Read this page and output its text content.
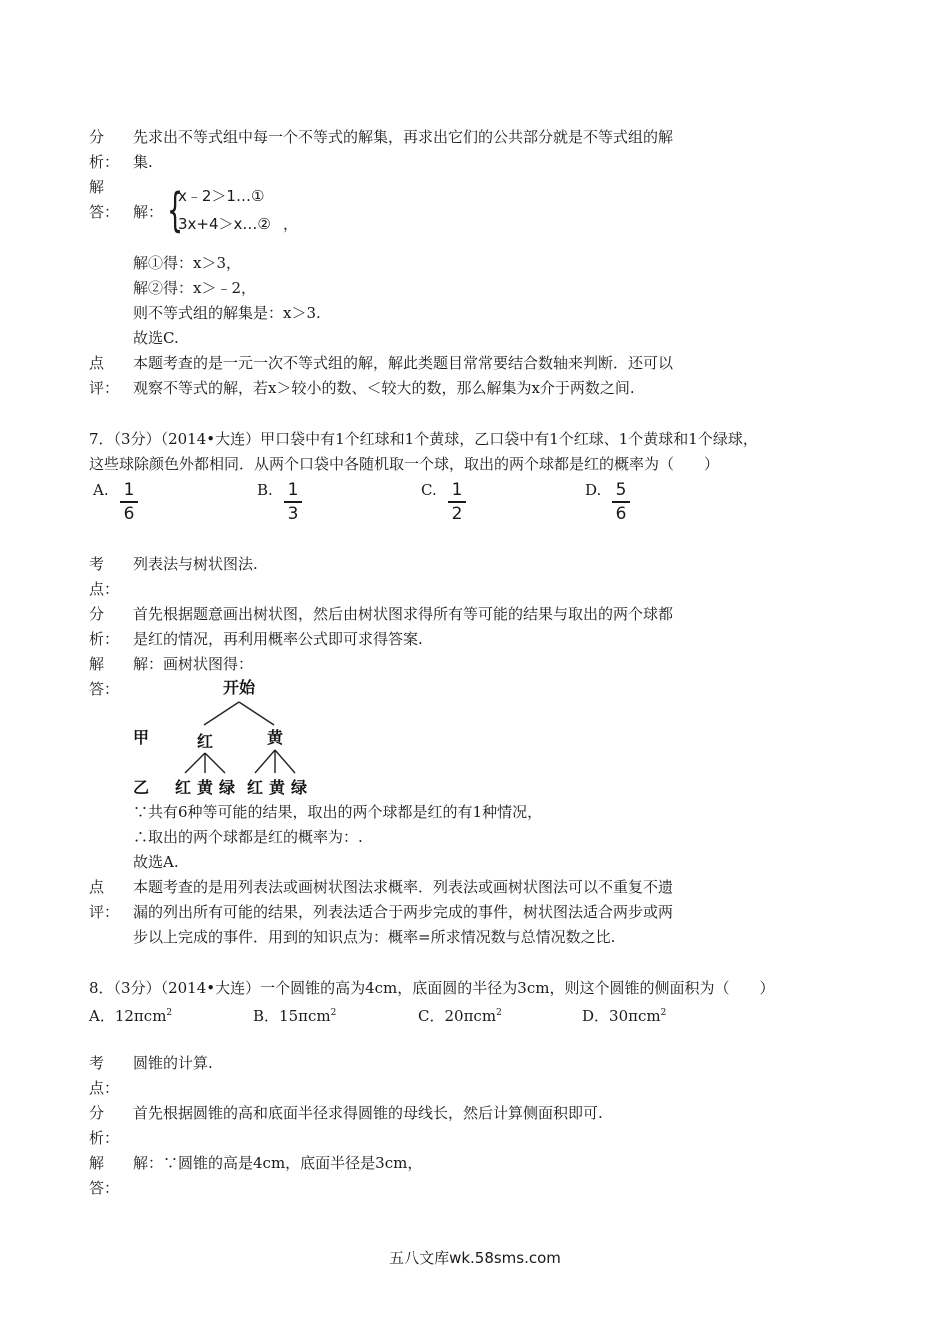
分
析：
先求出不等式组中每一个不等式的解集，再求出它们的公共部分就是不等式组的解
集.
解
答： 解： {
x﹣2＞1…①
3x+4＞x…② ，
解①得：x＞3，
解②得：x＞﹣2，
则不等式组的解集是：x＞3.
故选C.
点
评：
本题考查的是一元一次不等式组的解，解此类题目常常要结合数轴来判断．还可以
观察不等式的解，若x＞较小的数、＜较大的数，那么解集为x介于两数之间.
7．（3分）（2014•大连）甲口袋中有1个红球和1个黄球，乙口袋中有1个红球、1个黄球和1个绿球，
这些球除颜色外都相同．从两个口袋中各随机取一个球，取出的两个球都是红的概率为（　　）
A. 1
6
B. 1
3
C. 1
2
D. 5
6
考
点：
列表法与树状图法.
分
析：
首先根据题意画出树状图，然后由树状图求得所有等可能的结果与取出的两个球都
是红的情况，再利用概率公式即可求得答案.
解
答：
解：画树状图得：
开始
甲	红	黄
乙 红 黄 绿 红 黄 绿
∵共有6种等可能的结果，取出的两个球都是红的有1种情况，
∴取出的两个球都是红的概率为：.
故选A.
点
评：
本题考查的是用列表法或画树状图法求概率．列表法或画树状图法可以不重复不遗
漏的列出所有可能的结果，列表法适合于两步完成的事件，树状图法适合两步或两
步以上完成的事件．用到的知识点为：概率=所求情况数与总情况数之比.
8．（3分）（2014•大连）一个圆锥的高为4cm，底面圆的半径为3cm，则这个圆锥的侧面积为（　　）
A．12πcm$^2$	B．15πcm$^2$	C．20πcm$^2$	D．30πcm$^2$
考
点：
圆锥的计算.
分
析：
首先根据圆锥的高和底面半径求得圆锥的母线长，然后计算侧面积即可.
解
答：
解：∵圆锥的高是4cm，底面半径是3cm，
五八文库wk.58sms.com
